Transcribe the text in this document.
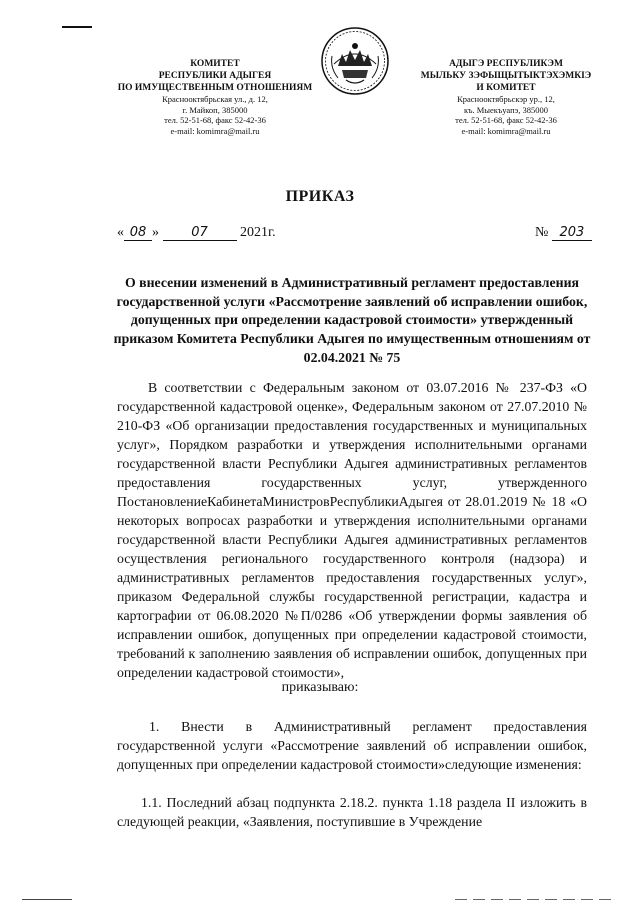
КОМИТЕТ
РЕСПУБЛИКИ АДЫГЕЯ
ПО ИМУЩЕСТВЕННЫМ ОТНОШЕНИЯМ
Краснооктябрьская ул., д. 12,
г. Майкоп, 385000
тел. 52-51-68, факс 52-42-36
e-mail: komimra@mail.ru
АДЫГЭ РЕСПУБЛИКЭМ
МЫЛЬКУ ЗЭФЫЩЫТЫКТЭХЭМКIЭ
И КОМИТЕТ
Краснооктябрьскэр ур., 12,
къ. Мыекъуапэ, 385000
тел. 52-51-68, факс 52-42-36
e-mail: komimra@mail.ru
ПРИКАЗ
« 08 » 07 2021г.	№ 203
О внесении изменений в Административный регламент предоставления государственной услуги «Рассмотрение заявлений об исправлении ошибок, допущенных при определении кадастровой стоимости» утвержденный приказом Комитета Республики Адыгея по имущественным отношениям от 02.04.2021 № 75
В соответствии с Федеральным законом от 03.07.2016 № 237-ФЗ «О государственной кадастровой оценке», Федеральным законом от 27.07.2010 № 210-ФЗ «Об организации предоставления государственных и муниципальных услуг», Порядком разработки и утверждения исполнительными органами государственной власти Республики Адыгея административных регламентов предоставления государственных услуг, утвержденного ПостановлениеКабинетаМинистровРеспубликиАдыгея от 28.01.2019 № 18 «О некоторых вопросах разработки и утверждения исполнительными органами государственной власти Республики Адыгея административных регламентов осуществления регионального государственного контроля (надзора) и административных регламентов предоставления государственных услуг», приказом Федеральной службы государственной регистрации, кадастра и картографии от 06.08.2020 №П/0286 «Об утверждении формы заявления об исправлении ошибок, допущенных при определении кадастровой стоимости, требований к заполнению заявления об исправлении ошибок, допущенных при определении кадастровой стоимости»,
приказываю:
1. Внести в Административный регламент предоставления государственной услуги «Рассмотрение заявлений об исправлении ошибок, допущенных при определении кадастровой стоимости»следующие изменения:
1.1. Последний абзац подпункта 2.18.2. пункта 1.18 раздела II изложить в следующей реакции, «Заявления, поступившие в Учреждение
